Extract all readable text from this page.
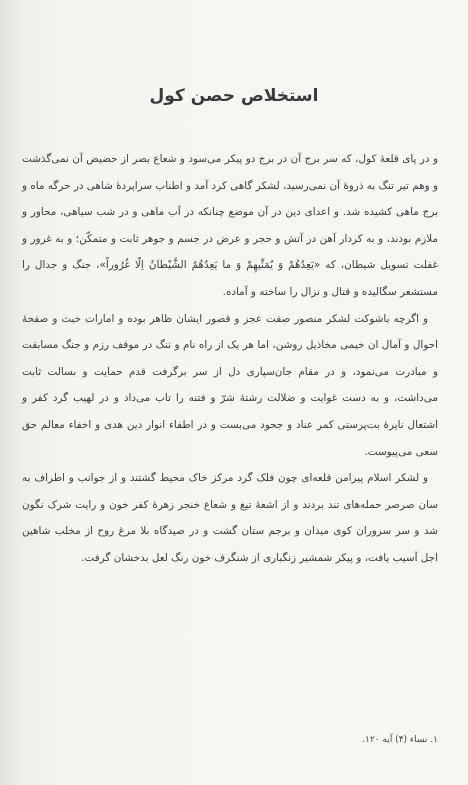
استخلاص حصن کول

و در پای قلعهٔ کول، که سر برج آن در برج دو پیکر می‌سود و شعاع بصر از حضیض آن نمی‌گذشت و وهم تیر تنگ به ذروهٔ آن نمی‌رسید، لشکر گاهی کرد آمد و اطناب سراپردهٔ شاهی در حرگه ماه و برج ماهی کشیده شد. و اعدای دین در آن موضع چنانکه در آب ماهی و در شب سیاهی، محاور و ملازم بودند، و به کردار آهن در آتش و حجر و عرض در جسم و جوهر ثابت و متمکّن؛ و به غرور و غفلت تسویل شیطان، که «یَعِدُهُمْ وَ یُمَنِّیهِمْ وَ ما یَعِدُهُمُ الشَّیْطانُ اِلّا غُرُوراً»، جنگ و جدال را مستشعر سگالیده و قتال و نزال را ساخته و آماده.

و اگرچه باشوکت لشکر منصور صفت عجز و قصور ایشان ظاهر بوده و امارات خبث و صفحهٔ احوال و آمال ان خیمی مخاذیل روشن، اما هر یک از راه نام و ننگ در موقف رزم و جنگ مسابقت و مبادرت می‌نمود، و در مقام جان‌سپاری دل از سر برگرفت قدم حمایت و بسالت ثابت می‌داشت، و به دست غوایت و ضلالت رشتهٔ شرّ و فتنه را تاب می‌داد و در لهیب گرد کفر و اشتعال نایرهٔ بت‌پرستی کمر عناد و جحود می‌بست و در اطفاء انوار دین هدی و اخفاء معالم حق سعی می‌پیوست.

و لشکر اسلام پیرامن قلعه‌ای چون فلک گرد مرکز خاک محیط گشتند و از جوانب و اطراف به سان صرصر حمله‌های تند بردند و از اشعهٔ تیغ و شعاع خنجر زهرهٔ کفر خون و رایت شرک نگون شد و سر سروران کوی میدان و برجم ستان گشت و در صیدگاه بلا مرغ روح از مخلب شاهین اجل آسیب یافت، و پیکر شمشیر زنگباری از شنگرف خون رنگ لعل بدخشان گرفت.

۱. نساء (۴) آیه ۱۲۰.
